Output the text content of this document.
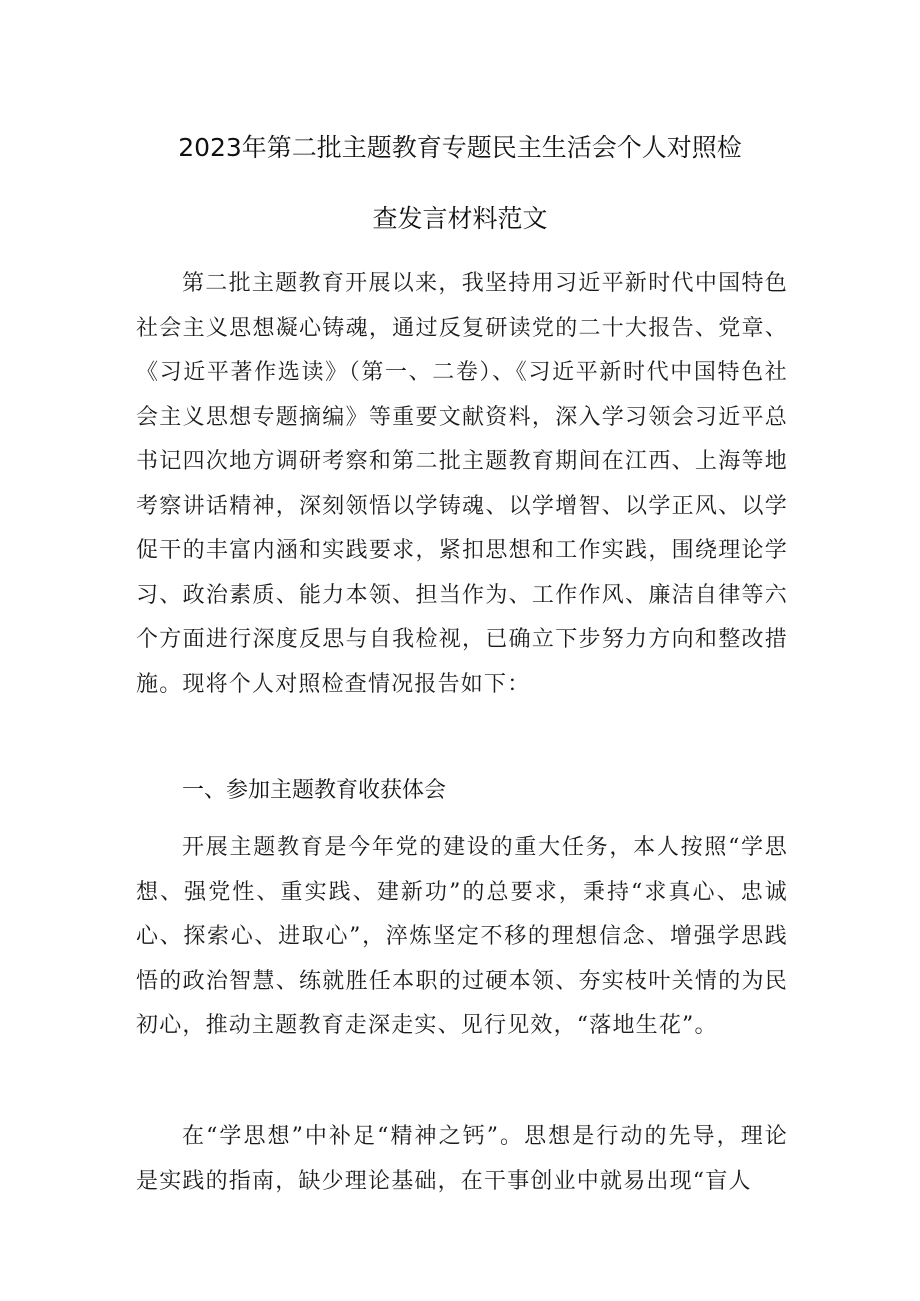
2023年第二批主题教育专题民主生活会个人对照检
查发言材料范文

第二批主题教育开展以来，我坚持用习近平新时代中国特色社会主义思想凝心铸魂，通过反复研读党的二十大报告、党章、《习近平著作选读》（第一、二卷）、《习近平新时代中国特色社会主义思想专题摘编》等重要文献资料，深入学习领会习近平总书记四次地方调研考察和第二批主题教育期间在江西、上海等地考察讲话精神，深刻领悟以学铸魂、以学增智、以学正风、以学促干的丰富内涵和实践要求，紧扣思想和工作实践，围绕理论学习、政治素质、能力本领、担当作为、工作作风、廉洁自律等六个方面进行深度反思与自我检视，已确立下步努力方向和整改措施。现将个人对照检查情况报告如下：

一、参加主题教育收获体会

开展主题教育是今年党的建设的重大任务，本人按照“学思想、强党性、重实践、建新功”的总要求，秉持“求真心、忠诚心、探索心、进取心”，淬炼坚定不移的理想信念、增强学思践悟的政治智慧、练就胜任本职的过硬本领、夯实枝叶关情的为民初心，推动主题教育走深走实、见行见效，“落地生花”。

在“学思想”中补足“精神之钙”。思想是行动的先导，理论是实践的指南，缺少理论基础，在干事创业中就易出现“盲人
